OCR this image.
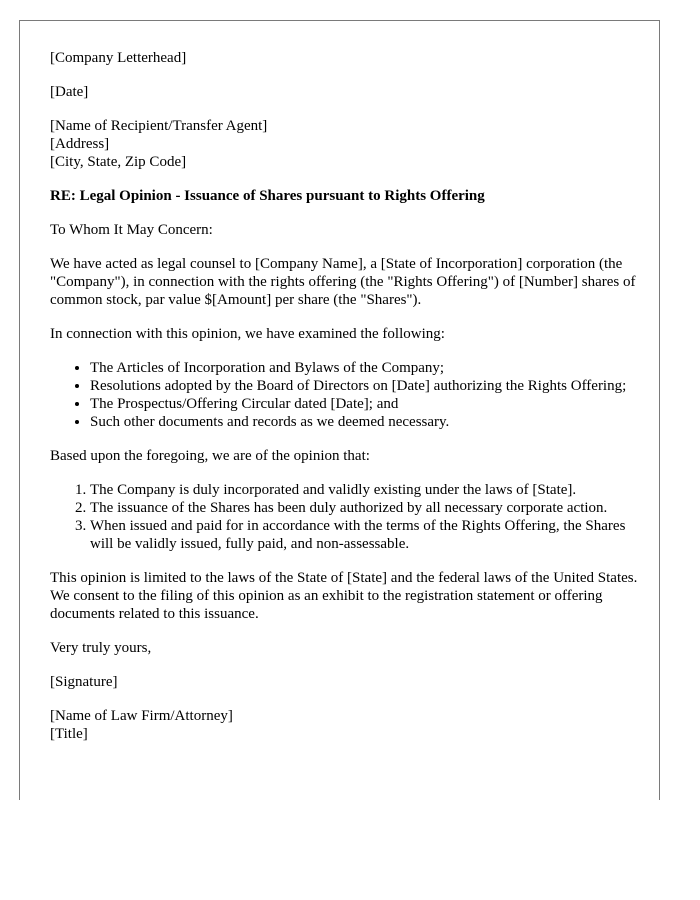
[Company Letterhead]

[Date]

[Name of Recipient/Transfer Agent]
[Address]
[City, State, Zip Code]

RE: Legal Opinion - Issuance of Shares pursuant to Rights Offering

To Whom It May Concern:

We have acted as legal counsel to [Company Name], a [State of Incorporation] corporation (the "Company"), in connection with the rights offering (the "Rights Offering") of [Number] shares of common stock, par value $[Amount] per share (the "Shares").

In connection with this opinion, we have examined the following:

• The Articles of Incorporation and Bylaws of the Company;
• Resolutions adopted by the Board of Directors on [Date] authorizing the Rights Offering;
• The Prospectus/Offering Circular dated [Date]; and
• Such other documents and records as we deemed necessary.

Based upon the foregoing, we are of the opinion that:

1. The Company is duly incorporated and validly existing under the laws of [State].
2. The issuance of the Shares has been duly authorized by all necessary corporate action.
3. When issued and paid for in accordance with the terms of the Rights Offering, the Shares will be validly issued, fully paid, and non-assessable.

This opinion is limited to the laws of the State of [State] and the federal laws of the United States. We consent to the filing of this opinion as an exhibit to the registration statement or offering documents related to this issuance.

Very truly yours,

[Signature]

[Name of Law Firm/Attorney]
[Title]
